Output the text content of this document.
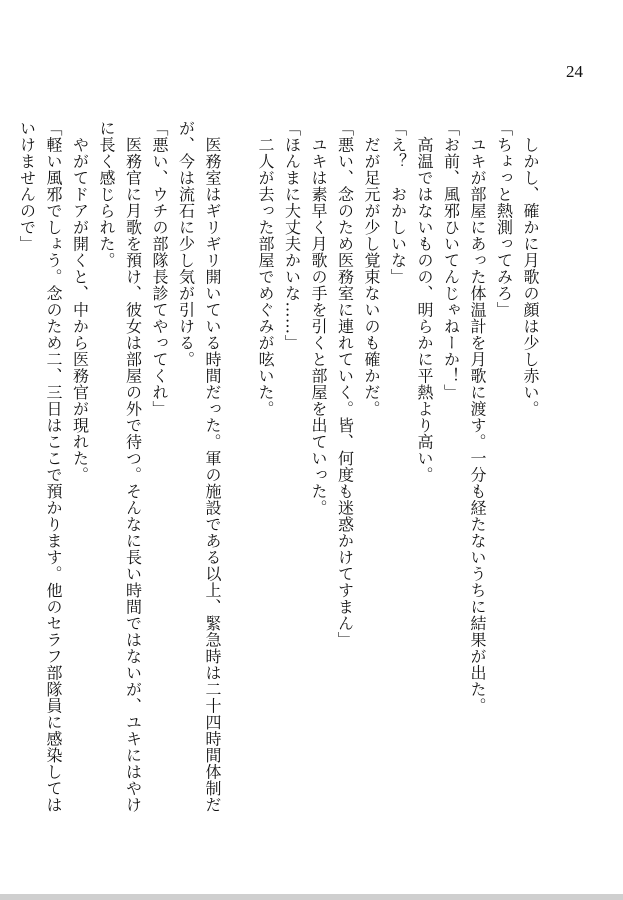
24
　しかし、確かに月歌の顔は少し赤い。
「ちょっと熱測ってみろ」
　ユキが部屋にあった体温計を月歌に渡す。一分も経たないうちに結果が出た。
「お前、風邪ひいてんじゃねーか！」
　高温ではないものの、明らかに平熱より高い。
「え？　おかしいな」
　だが足元が少し覚束ないのも確かだ。
「悪い、念のため医務室に連れていく。皆、何度も迷惑かけてすまん」
　ユキは素早く月歌の手を引くと部屋を出ていった。
「ほんまに大丈夫かいな……」
　二人が去った部屋でめぐみが呟いた。

　医務室はギリギリ開いている時間だった。軍の施設である以上、緊急時は二十四時間体制だ
が、今は流石に少し気が引ける。
「悪い、ウチの部隊長診てやってくれ」
　医務官に月歌を預け、彼女は部屋の外で待つ。そんなに長い時間ではないが、ユキにはやけ
に長く感じられた。
　やがてドアが開くと、中から医務官が現れた。
「軽い風邪でしょう。念のため二、三日はここで預かります。他のセラフ部隊員に感染しては
いけませんので」
